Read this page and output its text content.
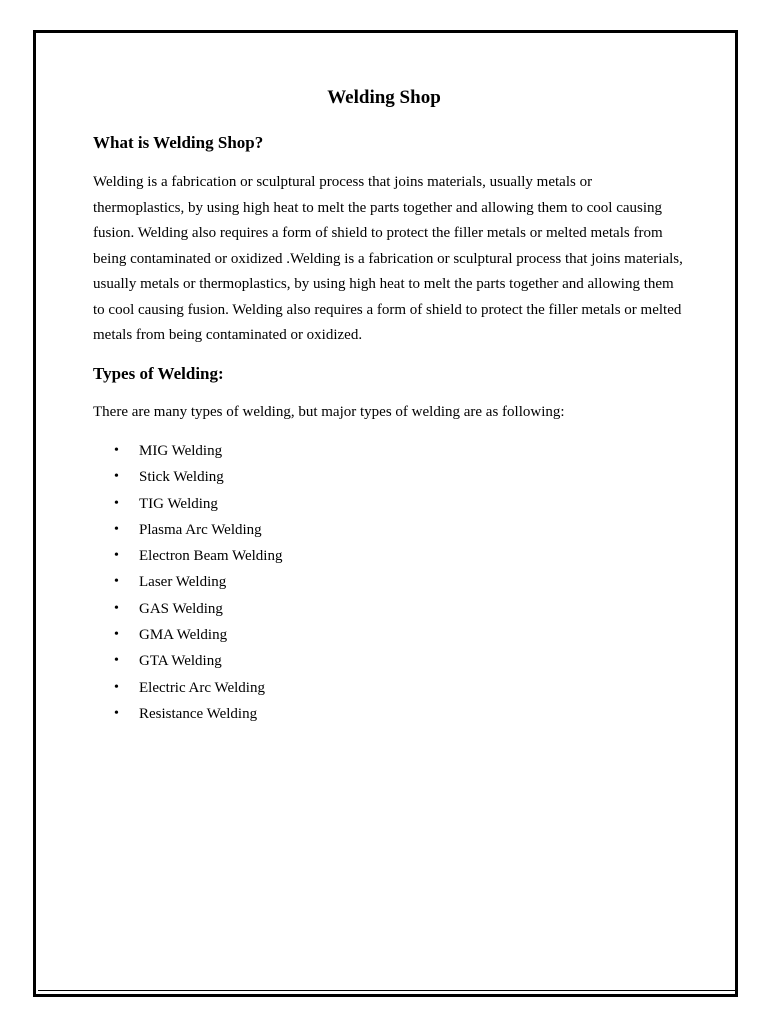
Welding Shop
What is Welding Shop?

Welding is a fabrication or sculptural process that joins materials, usually metals or thermoplastics, by using high heat to melt the parts together and allowing them to cool causing fusion. Welding also requires a form of shield to protect the filler metals or melted metals from being contaminated or oxidized .Welding is a fabrication or sculptural process that joins materials, usually metals or thermoplastics, by using high heat to melt the parts together and allowing them to cool causing fusion. Welding also requires a form of shield to protect the filler metals or melted metals from being contaminated or oxidized.

Types of Welding:

There are many types of welding, but major types of welding are as following:

• MIG Welding
• Stick Welding
• TIG Welding
• Plasma Arc Welding
• Electron Beam Welding
• Laser Welding
• GAS Welding
• GMA Welding
• GTA Welding
• Electric Arc Welding
• Resistance Welding
